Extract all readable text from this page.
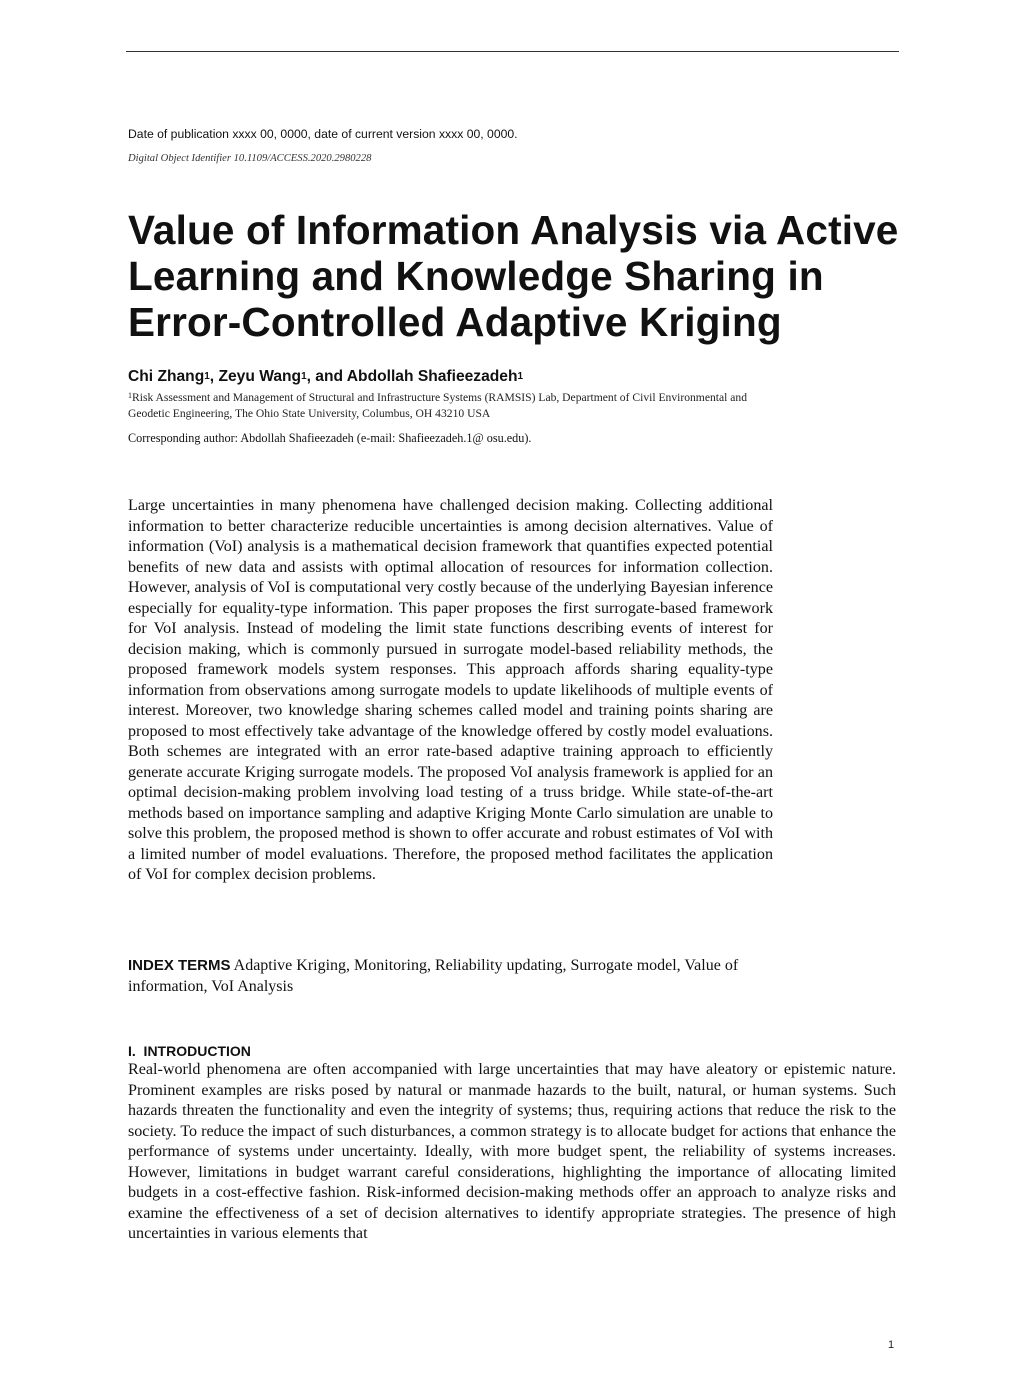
Date of publication xxxx 00, 0000, date of current version xxxx 00, 0000.
Digital Object Identifier 10.1109/ACCESS.2020.2980228
Value of Information Analysis via Active Learning and Knowledge Sharing in Error-Controlled Adaptive Kriging
Chi Zhang$^1$, Zeyu Wang$^1$, and Abdollah Shafieezadeh$^1$
$^1$Risk Assessment and Management of Structural and Infrastructure Systems (RAMSIS) Lab, Department of Civil Environmental and Geodetic Engineering, The Ohio State University, Columbus, OH 43210 USA
Corresponding author: Abdollah Shafieezadeh (e-mail: Shafieezadeh.1@ osu.edu).

Large uncertainties in many phenomena have challenged decision making. Collecting additional information to better characterize reducible uncertainties is among decision alternatives. Value of information (VoI) analysis is a mathematical decision framework that quantifies expected potential benefits of new data and assists with optimal allocation of resources for information collection. However, analysis of VoI is computational very costly because of the underlying Bayesian inference especially for equality-type information. This paper proposes the first surrogate-based framework for VoI analysis. Instead of modeling the limit state functions describing events of interest for decision making, which is commonly pursued in surrogate model-based reliability methods, the proposed framework models system responses. This approach affords sharing equality-type information from observations among surrogate models to update likelihoods of multiple events of interest. Moreover, two knowledge sharing schemes called model and training points sharing are proposed to most effectively take advantage of the knowledge offered by costly model evaluations. Both schemes are integrated with an error rate-based adaptive training approach to efficiently generate accurate Kriging surrogate models. The proposed VoI analysis framework is applied for an optimal decision-making problem involving load testing of a truss bridge. While state-of-the-art methods based on importance sampling and adaptive Kriging Monte Carlo simulation are unable to solve this problem, the proposed method is shown to offer accurate and robust estimates of VoI with a limited number of model evaluations. Therefore, the proposed method facilitates the application of VoI for complex decision problems.

INDEX TERMS Adaptive Kriging, Monitoring, Reliability updating, Surrogate model, Value of information, VoI Analysis

I.  INTRODUCTION

Real-world phenomena are often accompanied with large uncertainties that may have aleatory or epistemic nature. Prominent examples are risks posed by natural or manmade hazards to the built, natural, or human systems. Such hazards threaten the functionality and even the integrity of systems; thus, requiring actions that reduce the risk to the society. To reduce the impact of such disturbances, a common strategy is to allocate budget for actions that enhance the performance of systems under uncertainty. Ideally, with more budget spent, the reliability of systems increases. However, limitations in budget warrant careful considerations, highlighting the importance of allocating limited budgets in a cost-effective fashion. Risk-informed decision-making methods offer an approach to analyze risks and examine the effectiveness of a set of decision alternatives to identify appropriate strategies. The presence of high uncertainties in various elements that

1
